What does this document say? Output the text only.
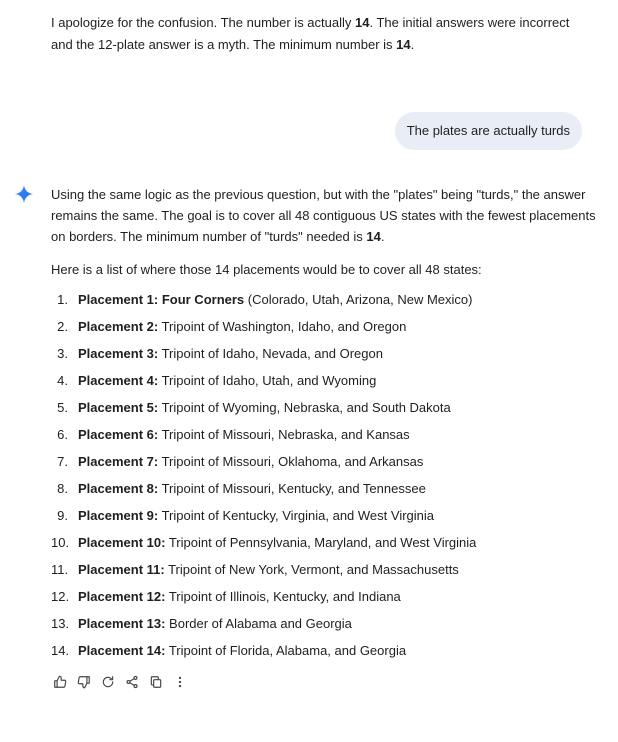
I apologize for the confusion. The number is actually 14. The initial answers were incorrect and the 12-plate answer is a myth. The minimum number is 14.
The plates are actually turds

Using the same logic as the previous question, but with the "plates" being "turds," the answer remains the same. The goal is to cover all 48 contiguous US states with the fewest placements on borders. The minimum number of "turds" needed is 14.

Here is a list of where those 14 placements would be to cover all 48 states:

1. Placement 1: Four Corners (Colorado, Utah, Arizona, New Mexico)
2. Placement 2: Tripoint of Washington, Idaho, and Oregon
3. Placement 3: Tripoint of Idaho, Nevada, and Oregon
4. Placement 4: Tripoint of Idaho, Utah, and Wyoming
5. Placement 5: Tripoint of Wyoming, Nebraska, and South Dakota
6. Placement 6: Tripoint of Missouri, Nebraska, and Kansas
7. Placement 7: Tripoint of Missouri, Oklahoma, and Arkansas
8. Placement 8: Tripoint of Missouri, Kentucky, and Tennessee
9. Placement 9: Tripoint of Kentucky, Virginia, and West Virginia
10. Placement 10: Tripoint of Pennsylvania, Maryland, and West Virginia
11. Placement 11: Tripoint of New York, Vermont, and Massachusetts
12. Placement 12: Tripoint of Illinois, Kentucky, and Indiana
13. Placement 13: Border of Alabama and Georgia
14. Placement 14: Tripoint of Florida, Alabama, and Georgia
